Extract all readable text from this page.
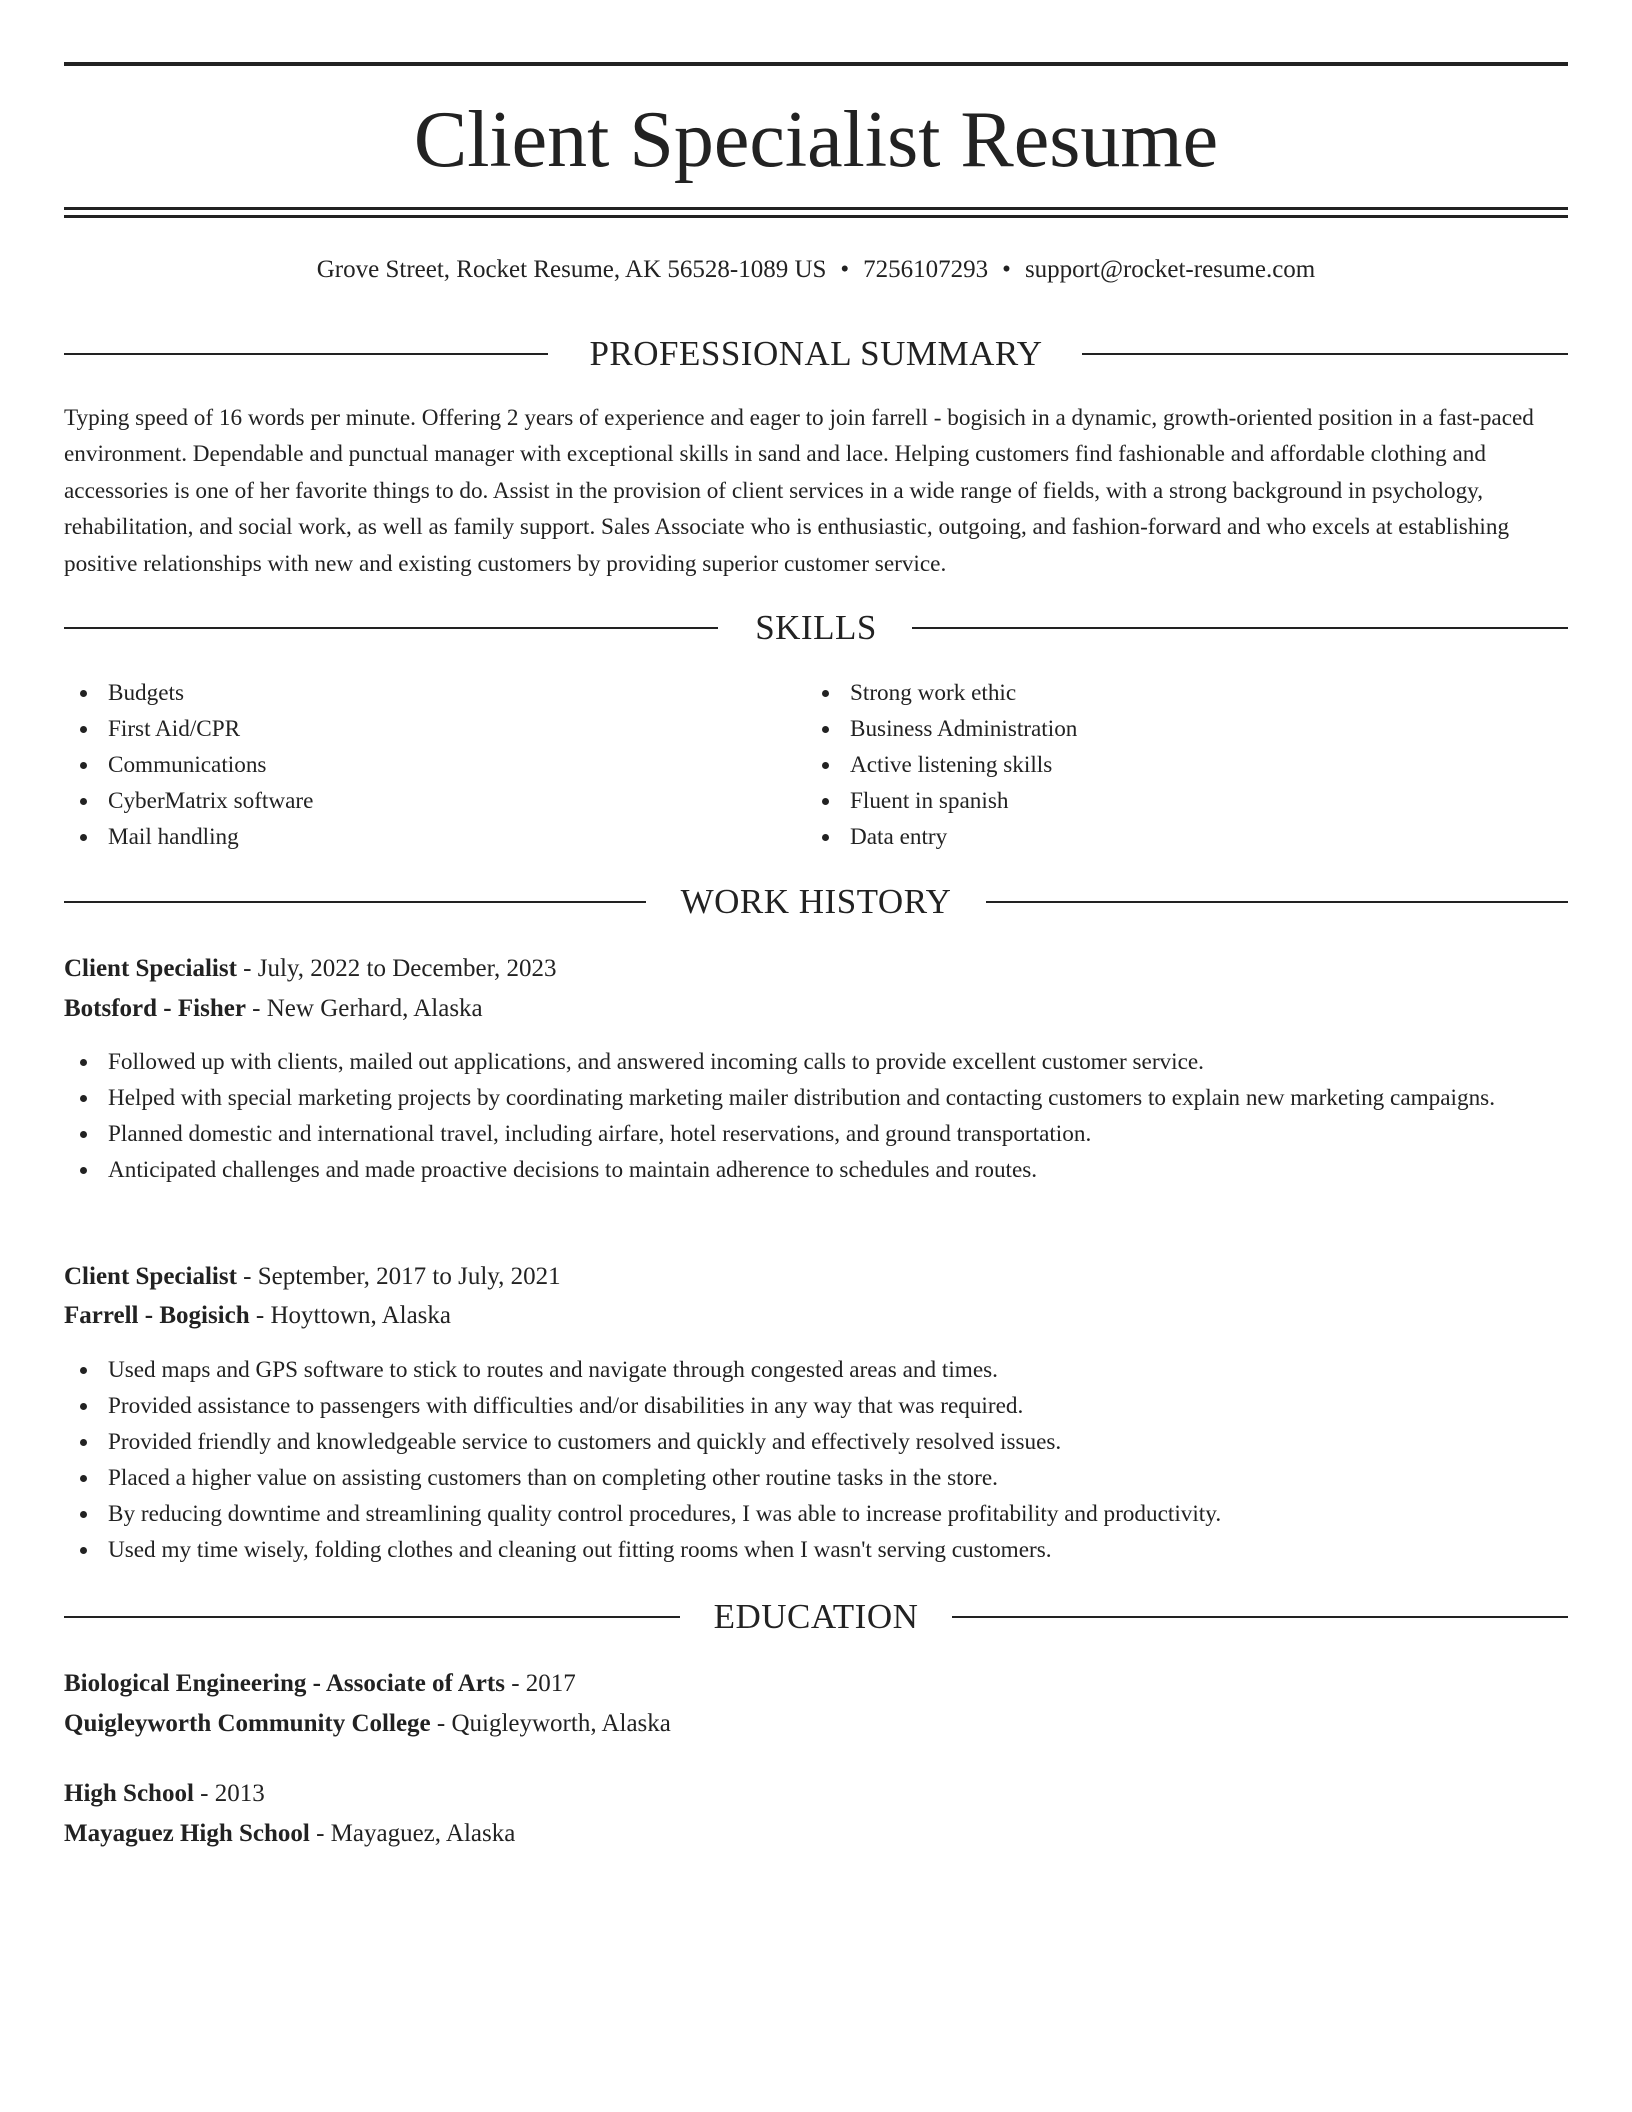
Client Specialist Resume
Grove Street, Rocket Resume, AK 56528-1089 US • 7256107293 • support@rocket-resume.com
PROFESSIONAL SUMMARY

Typing speed of 16 words per minute. Offering 2 years of experience and eager to join farrell - bogisich in a dynamic, growth-oriented position in a fast-paced environment. Dependable and punctual manager with exceptional skills in sand and lace. Helping customers find fashionable and affordable clothing and accessories is one of her favorite things to do. Assist in the provision of client services in a wide range of fields, with a strong background in psychology, rehabilitation, and social work, as well as family support. Sales Associate who is enthusiastic, outgoing, and fashion-forward and who excels at establishing positive relationships with new and existing customers by providing superior customer service.

SKILLS
Budgets
First Aid/CPR
Communications
CyberMatrix software
Mail handling
Strong work ethic
Business Administration
Active listening skills
Fluent in spanish
Data entry
WORK HISTORY
Client Specialist - July, 2022 to December, 2023
Botsford - Fisher - New Gerhard, Alaska
Followed up with clients, mailed out applications, and answered incoming calls to provide excellent customer service.
Helped with special marketing projects by coordinating marketing mailer distribution and contacting customers to explain new marketing campaigns.
Planned domestic and international travel, including airfare, hotel reservations, and ground transportation.
Anticipated challenges and made proactive decisions to maintain adherence to schedules and routes.
Client Specialist - September, 2017 to July, 2021
Farrell - Bogisich - Hoyttown, Alaska
Used maps and GPS software to stick to routes and navigate through congested areas and times.
Provided assistance to passengers with difficulties and/or disabilities in any way that was required.
Provided friendly and knowledgeable service to customers and quickly and effectively resolved issues.
Placed a higher value on assisting customers than on completing other routine tasks in the store.
By reducing downtime and streamlining quality control procedures, I was able to increase profitability and productivity.
Used my time wisely, folding clothes and cleaning out fitting rooms when I wasn't serving customers.
EDUCATION
Biological Engineering - Associate of Arts - 2017
Quigleyworth Community College - Quigleyworth, Alaska
High School - 2013
Mayaguez High School - Mayaguez, Alaska
